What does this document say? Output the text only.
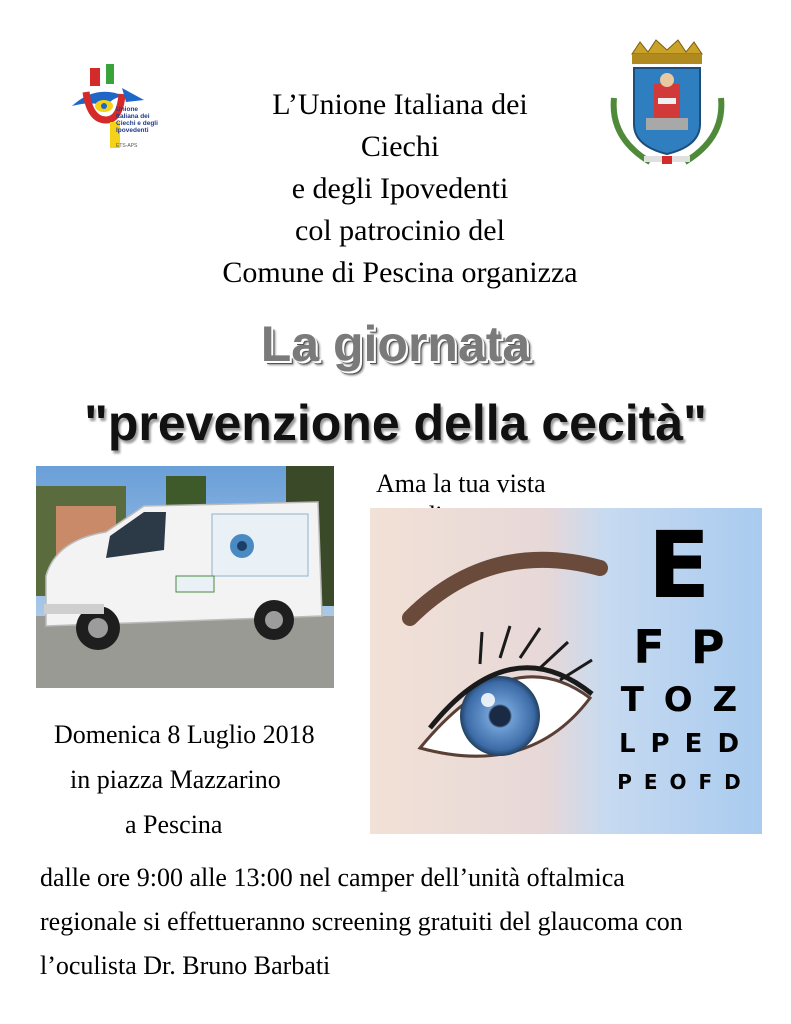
Unione
Italiana dei
Ciechi e degli
Ipovedenti
ETS-APS
L’Unione Italiana dei
Ciechi
e degli Ipovedenti
col patrocinio del
Comune di Pescina organizza
La giornata
"prevenzione della cecità"
Ama la tua vista
E
F P
T O Z
L P E D
P E O F D
Domenica 8 Luglio 2018
in piazza Mazzarino
a Pescina
dalle ore 9:00 alle 13:00 nel camper dell’unità oftalmica
regionale si effettueranno screening gratuiti del glaucoma con
l’oculista Dr. Bruno Barbati
